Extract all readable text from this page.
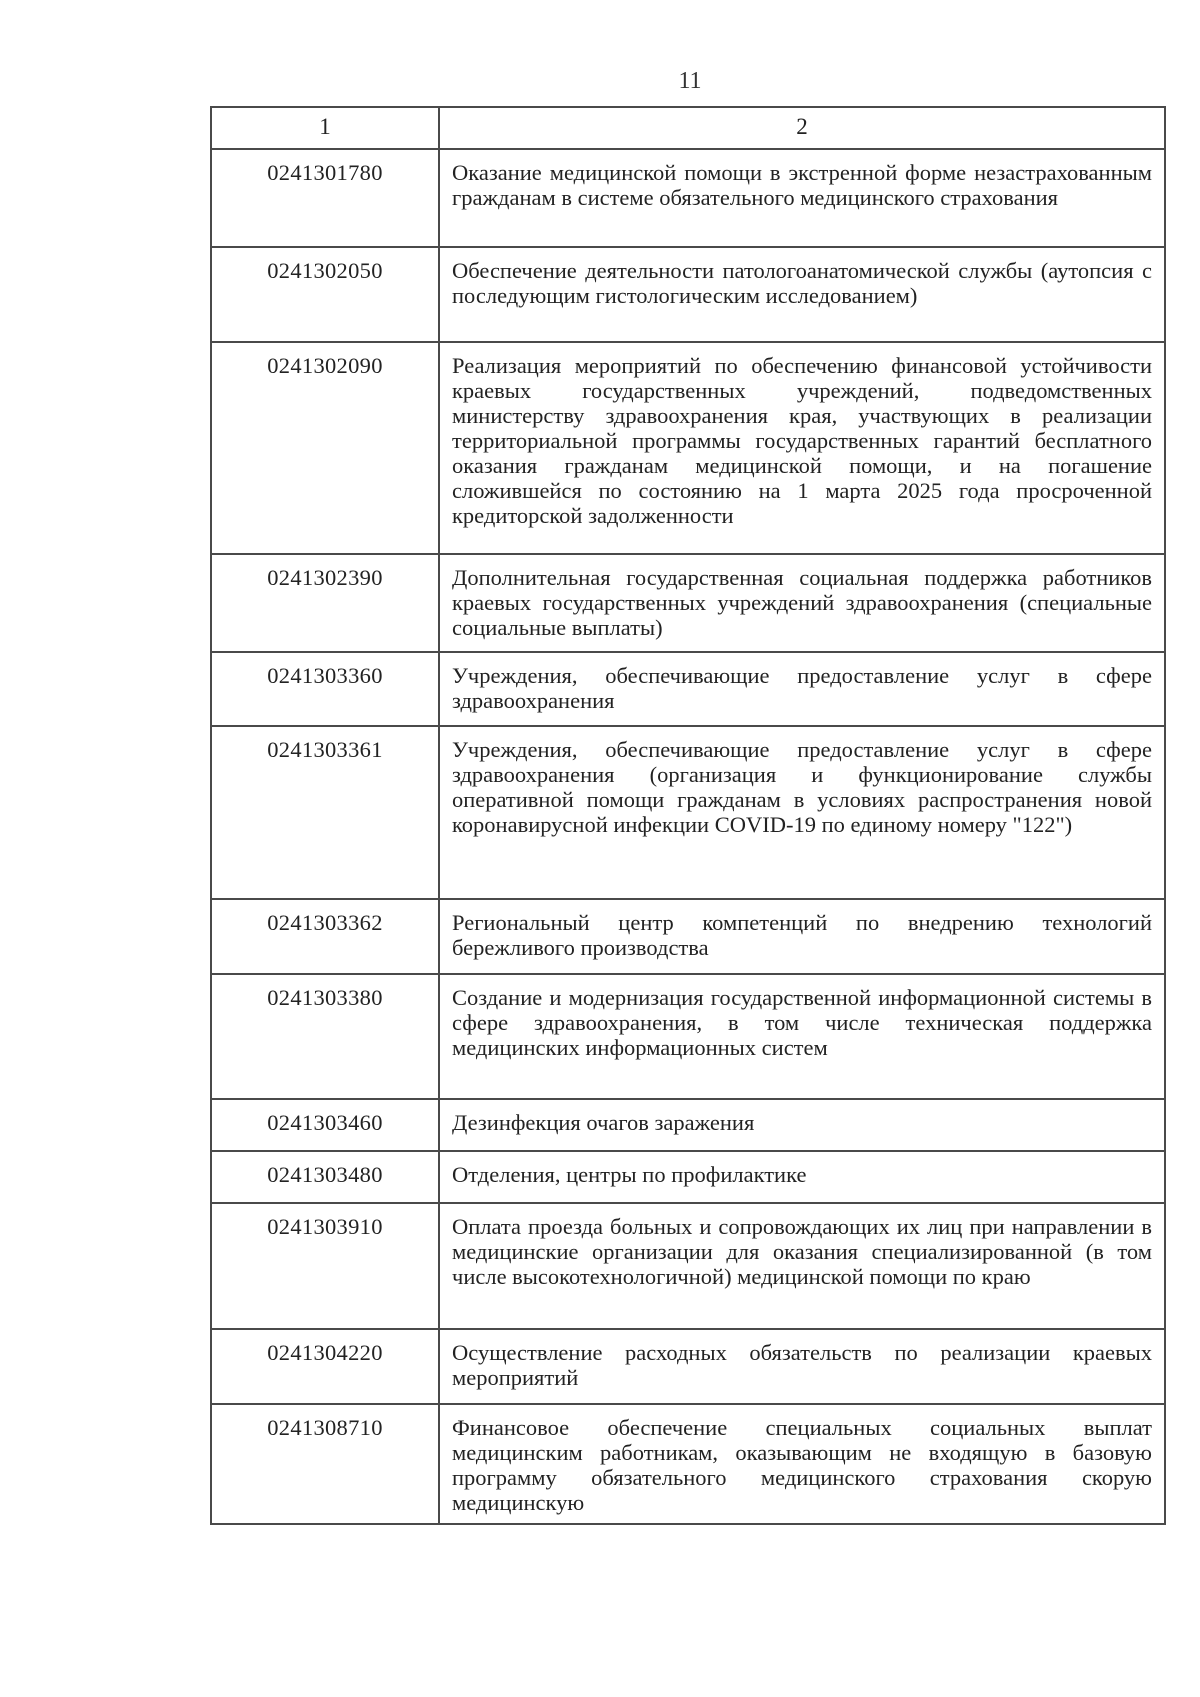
11
1	2
0241301780	Оказание медицинской помощи в экстренной форме незастрахованным гражданам в системе обязательного медицинского страхования
0241302050	Обеспечение деятельности патологоанатомической службы (аутопсия с последующим гистологическим исследованием)
0241302090	Реализация мероприятий по обеспечению финансовой устойчивости краевых государственных учреждений, подведомственных министерству здравоохранения края, участвующих в реализации территориальной программы государственных гарантий бесплатного оказания гражданам медицинской помощи, и на погашение сложившейся по состоянию на 1 марта 2025 года просроченной кредиторской задолженности
0241302390	Дополнительная государственная социальная поддержка работников краевых государственных учреждений здравоохранения (специальные социальные выплаты)
0241303360	Учреждения, обеспечивающие предоставление услуг в сфере здравоохранения
0241303361	Учреждения, обеспечивающие предоставление услуг в сфере здравоохранения (организация и функционирование службы оперативной помощи гражданам в условиях распространения новой коронавирусной инфекции COVID-19 по единому номеру "122")
0241303362	Региональный центр компетенций по внедрению технологий бережливого производства
0241303380	Создание и модернизация государственной информационной системы в сфере здравоохранения, в том числе техническая поддержка медицинских информационных систем
0241303460	Дезинфекция очагов заражения
0241303480	Отделения, центры по профилактике
0241303910	Оплата проезда больных и сопровождающих их лиц при направлении в медицинские организации для оказания специализированной (в том числе высокотехнологичной) медицинской помощи по краю
0241304220	Осуществление расходных обязательств по реализации краевых мероприятий
0241308710	Финансовое обеспечение специальных социальных выплат медицинским работникам, оказывающим не входящую в базовую программу обязательного медицинского страхования скорую медицинскую
